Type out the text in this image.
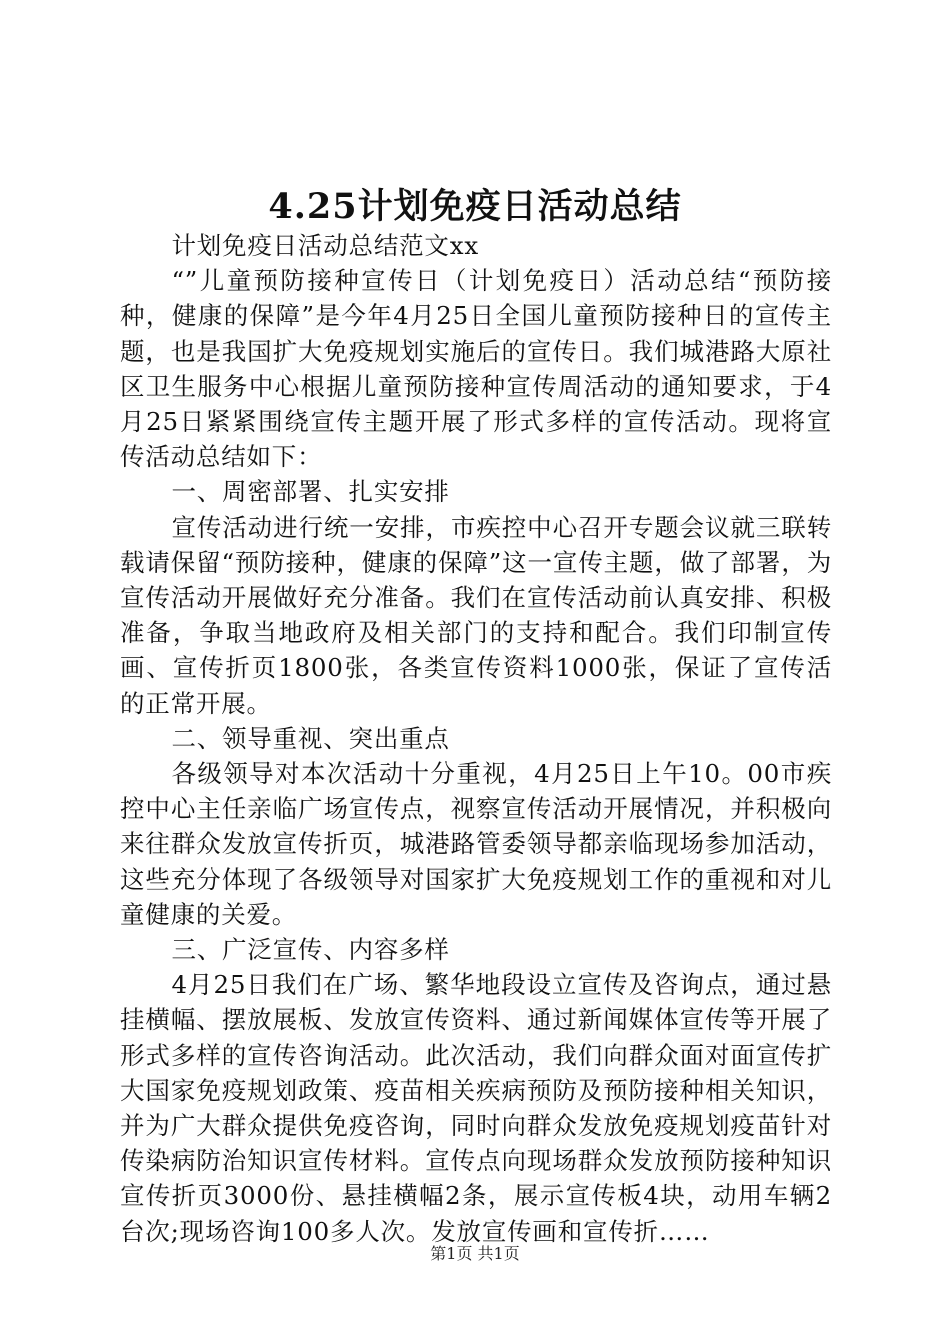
4.25计划免疫日活动总结

计划免疫日活动总结范文xx

“”儿童预防接种宣传日（计划免疫日）活动总结“预防接种，健康的保障”是今年4月25日全国儿童预防接种日的宣传主题，也是我国扩大免疫规划实施后的宣传日。我们城港路大原社区卫生服务中心根据儿童预防接种宣传周活动的通知要求，于4月25日紧紧围绕宣传主题开展了形式多样的宣传活动。现将宣传活动总结如下：

一、周密部署、扎实安排

宣传活动进行统一安排，市疾控中心召开专题会议就三联转载请保留“预防接种，健康的保障”这一宣传主题，做了部署，为宣传活动开展做好充分准备。我们在宣传活动前认真安排、积极准备，争取当地政府及相关部门的支持和配合。我们印制宣传画、宣传折页1800张，各类宣传资料1000张，保证了宣传活的正常开展。

二、领导重视、突出重点

各级领导对本次活动十分重视，4月25日上午10。00市疾控中心主任亲临广场宣传点，视察宣传活动开展情况，并积极向来往群众发放宣传折页，城港路管委领导都亲临现场参加活动，这些充分体现了各级领导对国家扩大免疫规划工作的重视和对儿童健康的关爱。

三、广泛宣传、内容多样

4月25日我们在广场、繁华地段设立宣传及咨询点，通过悬挂横幅、摆放展板、发放宣传资料、通过新闻媒体宣传等开展了形式多样的宣传咨询活动。此次活动，我们向群众面对面宣传扩大国家免疫规划政策、疫苗相关疾病预防及预防接种相关知识，并为广大群众提供免疫咨询，同时向群众发放免疫规划疫苗针对传染病防治知识宣传材料。宣传点向现场群众发放预防接种知识宣传折页3000份、悬挂横幅2条，展示宣传板4块，动用车辆2台次;现场咨询100多人次。发放宣传画和宣传折……

第1页 共1页
